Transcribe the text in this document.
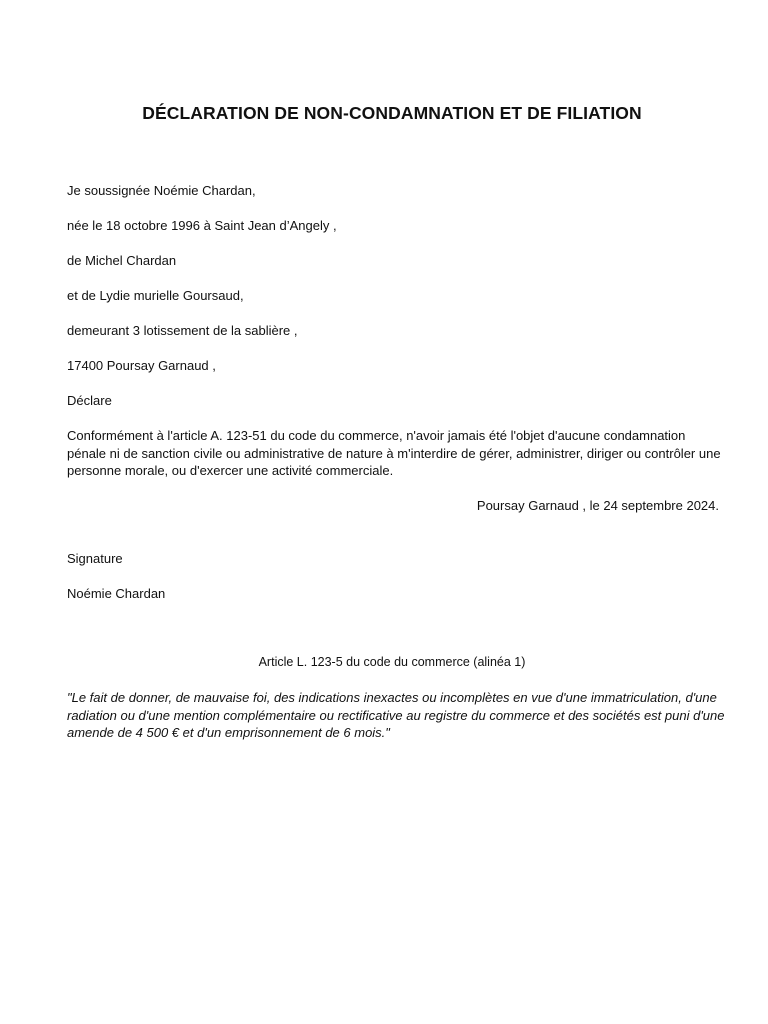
DÉCLARATION DE NON-CONDAMNATION ET DE FILIATION

Je soussignée Noémie Chardan,

née le 18 octobre 1996 à Saint Jean d’Angely ,

de Michel Chardan

et de Lydie murielle Goursaud,

demeurant 3 lotissement de la sablière ,

17400 Poursay Garnaud ,

Déclare

Conformément à l'article A. 123-51 du code du commerce, n'avoir jamais été l'objet d'aucune condamnation pénale ni de sanction civile ou administrative de nature à m'interdire de gérer, administrer, diriger ou contrôler une personne morale, ou d'exercer une activité commerciale.

Poursay Garnaud , le 24 septembre 2024.

Signature

Noémie Chardan

Article L. 123-5 du code du commerce (alinéa 1)

"Le fait de donner, de mauvaise foi, des indications inexactes ou incomplètes en vue d'une immatriculation, d'une radiation ou d'une mention complémentaire ou rectificative au registre du commerce et des sociétés est puni d'une amende de 4 500 € et d'un emprisonnement de 6 mois."
